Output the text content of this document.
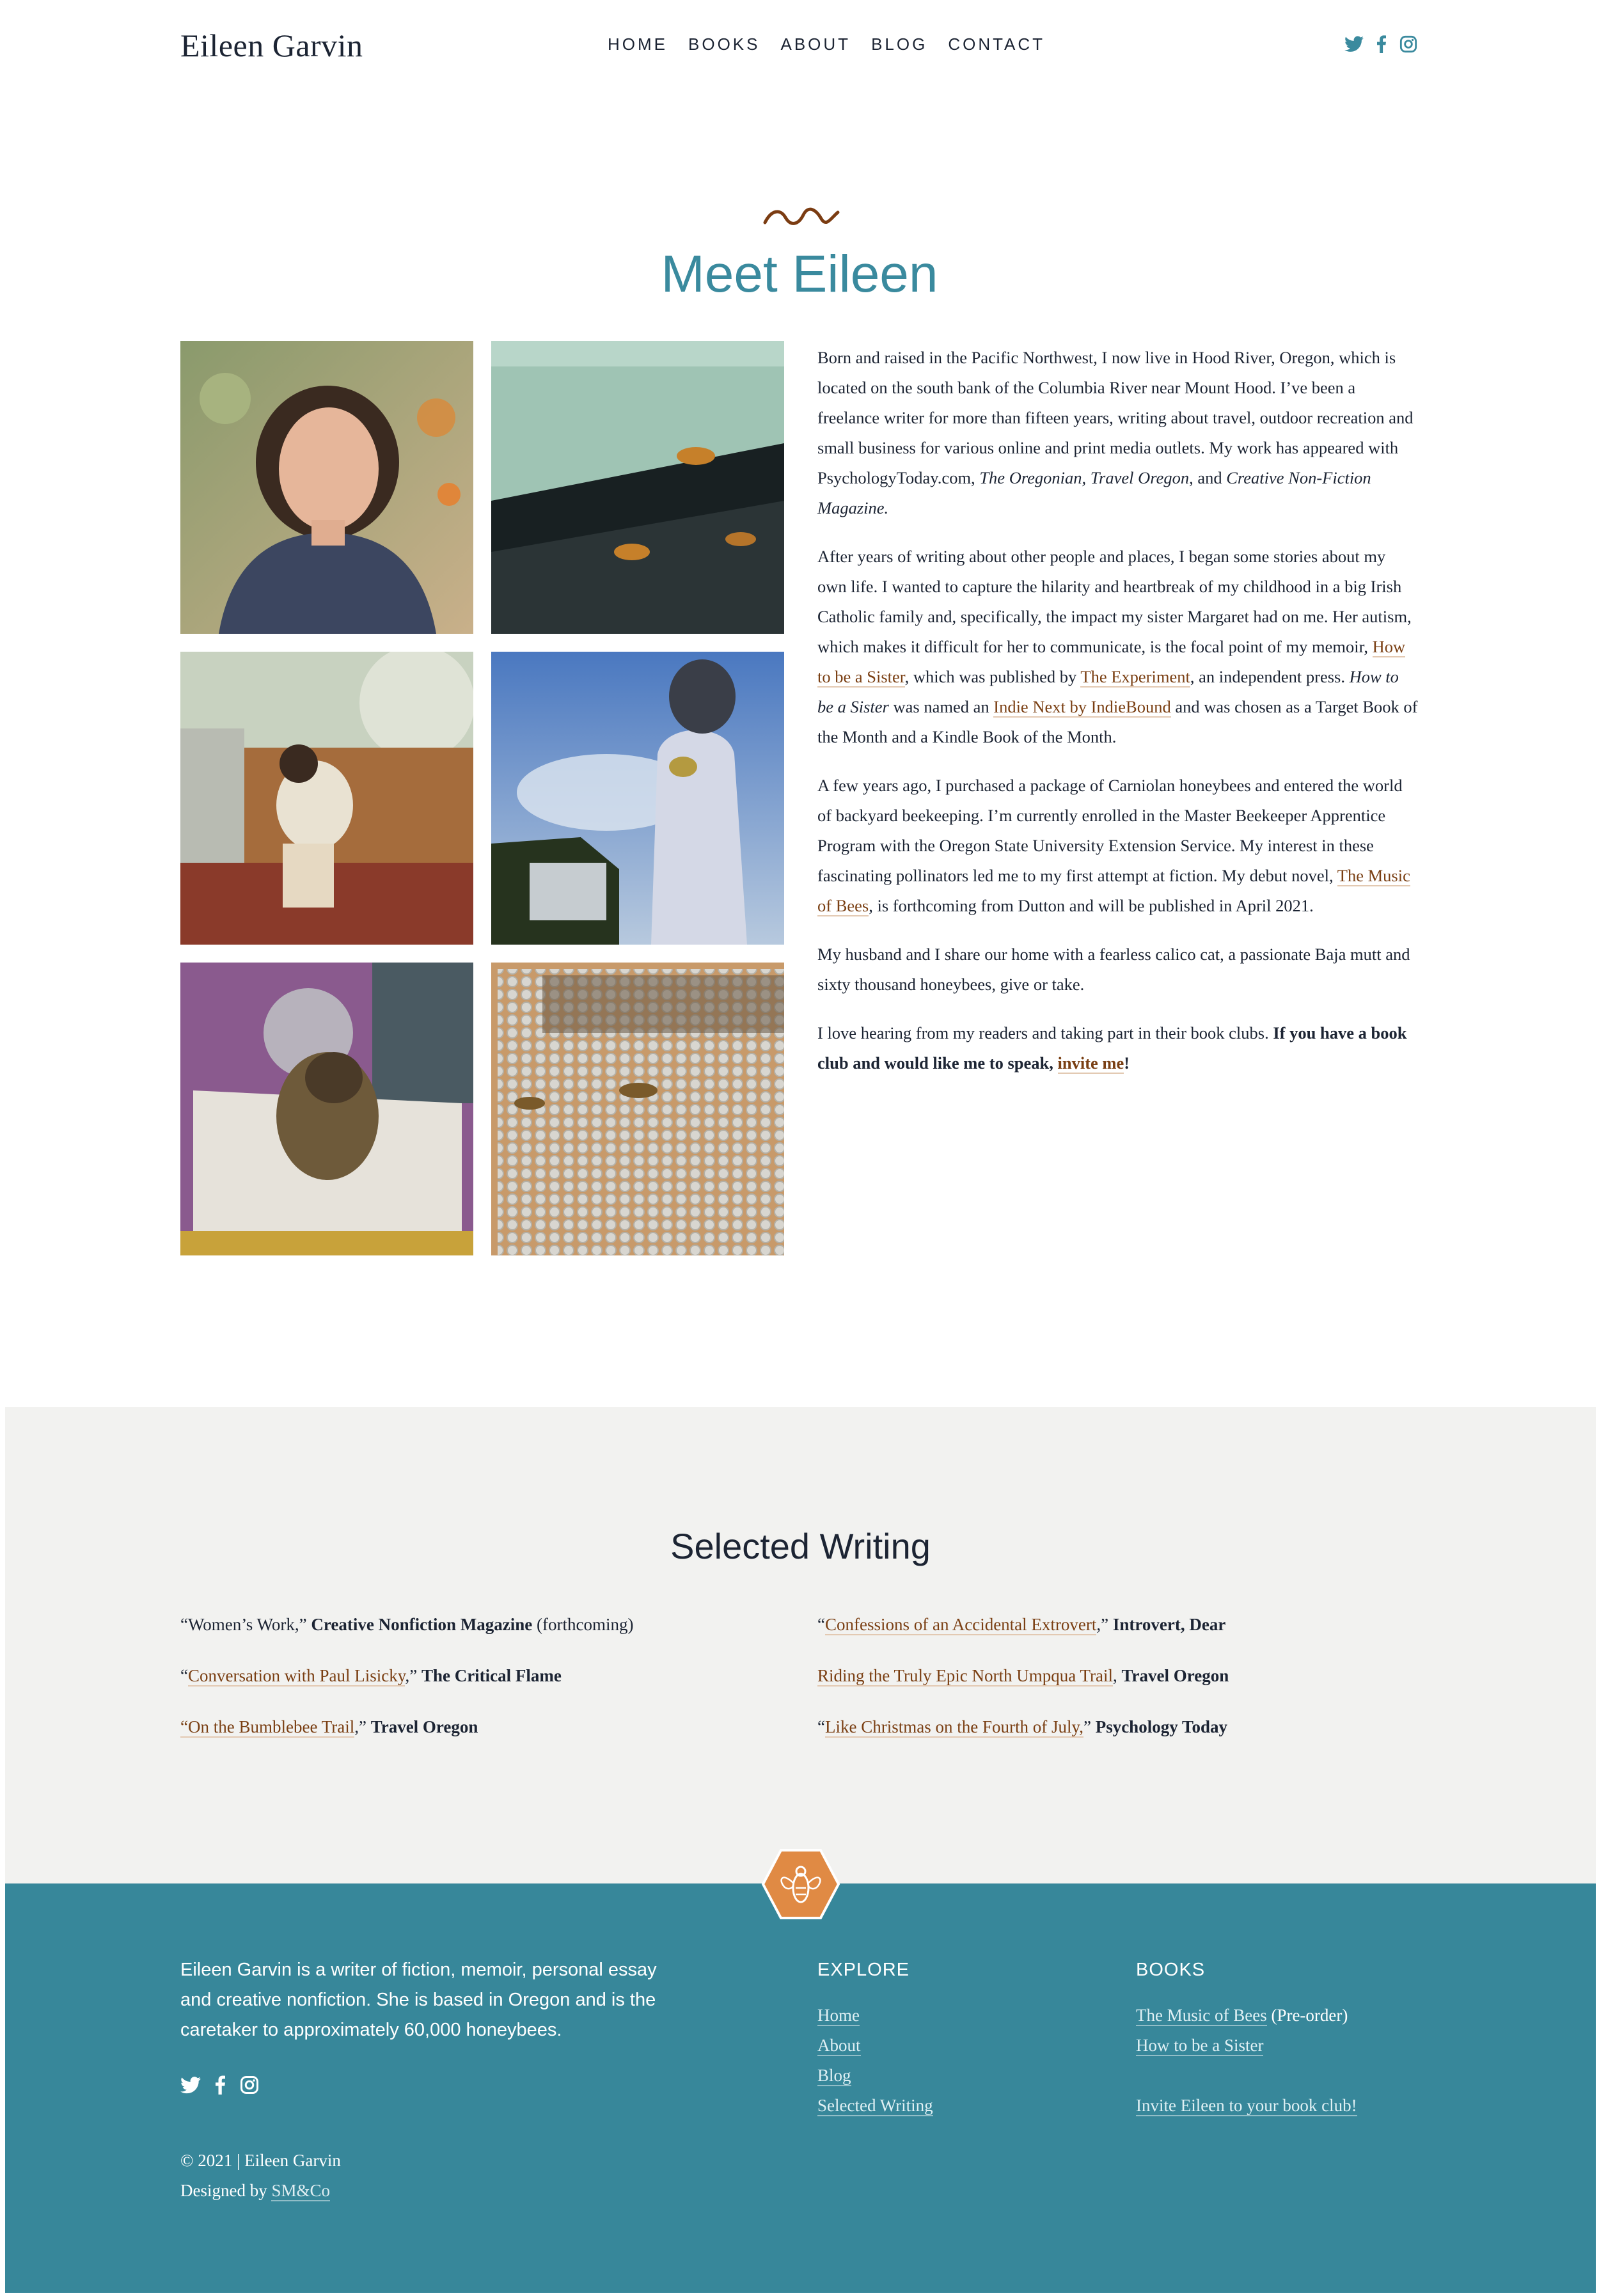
Eileen Garvin	HOME BOOKS ABOUT BLOG CONTACT
Meet Eileen

Born and raised in the Pacific Northwest, I now live in Hood River, Oregon, which is located on the south bank of the Columbia River near Mount Hood. I’ve been a freelance writer for more than fifteen years, writing about travel, outdoor recreation and small business for various online and print media outlets. My work has appeared with PsychologyToday.com, The Oregonian, Travel Oregon, and Creative Non-Fiction Magazine.

After years of writing about other people and places, I began some stories about my own life. I wanted to capture the hilarity and heartbreak of my childhood in a big Irish Catholic family and, specifically, the impact my sister Margaret had on me. Her autism, which makes it difficult for her to communicate, is the focal point of my memoir, How to be a Sister, which was published by The Experiment, an independent press. How to be a Sister was named an Indie Next by IndieBound and was chosen as a Target Book of the Month and a Kindle Book of the Month.

A few years ago, I purchased a package of Carniolan honeybees and entered the world of backyard beekeeping. I’m currently enrolled in the Master Beekeeper Apprentice Program with the Oregon State University Extension Service. My interest in these fascinating pollinators led me to my first attempt at fiction. My debut novel, The Music of Bees, is forthcoming from Dutton and will be published in April 2021.

My husband and I share our home with a fearless calico cat, a passionate Baja mutt and sixty thousand honeybees, give or take.

I love hearing from my readers and taking part in their book clubs. If you have a book club and would like me to speak, invite me!

Selected Writing
“Women’s Work,” Creative Nonfiction Magazine (forthcoming)
“Conversation with Paul Lisicky,” The Critical Flame
“On the Bumblebee Trail,” Travel Oregon
“Confessions of an Accidental Extrovert,” Introvert, Dear
Riding the Truly Epic North Umpqua Trail, Travel Oregon
“Like Christmas on the Fourth of July,” Psychology Today
Eileen Garvin is a writer of fiction, memoir, personal essay and creative nonfiction. She is based in Oregon and is the caretaker to approximately 60,000 honeybees.
© 2021 | Eileen Garvin
Designed by SM&Co
EXPLORE
Home
About
Blog
Selected Writing
BOOKS
The Music of Bees (Pre-order)
How to be a Sister
Invite Eileen to your book club!
